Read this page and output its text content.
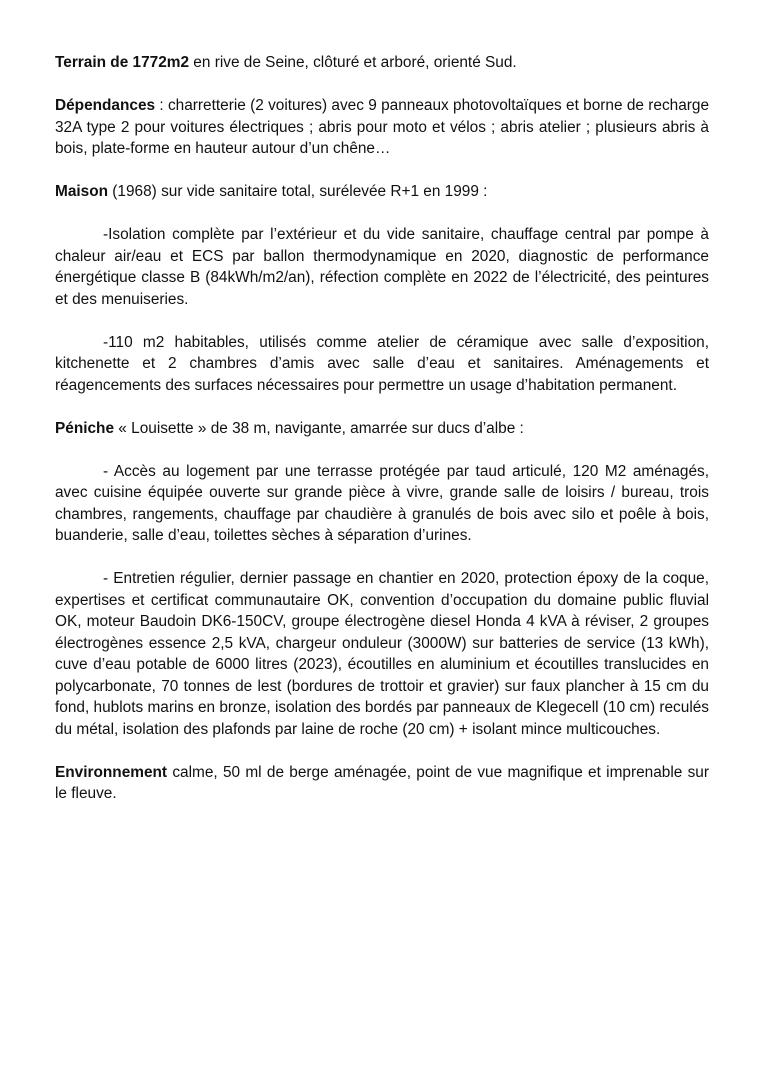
Terrain de 1772m2 en rive de Seine, clôturé et arboré, orienté Sud.

Dépendances : charretterie (2 voitures) avec 9 panneaux photovoltaïques et borne de recharge 32A type 2 pour voitures électriques ; abris pour moto et vélos ; abris atelier ; plusieurs abris à bois, plate-forme en hauteur autour d’un chêne…

Maison (1968) sur vide sanitaire total, surélevée R+1 en 1999 :

-Isolation complète par l’extérieur et du vide sanitaire, chauffage central par pompe à chaleur air/eau et ECS par ballon thermodynamique en 2020, diagnostic de performance énergétique classe B (84kWh/m2/an), réfection complète en 2022 de l’électricité, des peintures et des menuiseries.

-110 m2 habitables, utilisés comme atelier de céramique avec salle d’exposition, kitchenette et 2 chambres d’amis avec salle d’eau et sanitaires. Aménagements et réagencements des surfaces nécessaires pour permettre un usage d’habitation permanent.

Péniche « Louisette » de 38 m, navigante, amarrée sur ducs d’albe :

- Accès au logement par une terrasse protégée par taud articulé, 120 M2 aménagés, avec cuisine équipée ouverte sur grande pièce à vivre, grande salle de loisirs / bureau, trois chambres, rangements, chauffage par chaudière à granulés de bois avec silo et poêle à bois, buanderie, salle d’eau, toilettes sèches à séparation d’urines.

- Entretien régulier, dernier passage en chantier en 2020, protection époxy de la coque, expertises et certificat communautaire OK, convention d’occupation du domaine public fluvial OK, moteur Baudoin DK6-150CV, groupe électrogène diesel Honda 4 kVA à réviser, 2 groupes électrogènes essence 2,5 kVA, chargeur onduleur (3000W) sur batteries de service (13 kWh), cuve d’eau potable de 6000 litres (2023), écoutilles en aluminium et écoutilles translucides en polycarbonate, 70 tonnes de lest (bordures de trottoir et gravier) sur faux plancher à 15 cm du fond, hublots marins en bronze, isolation des bordés par panneaux de Klegecell (10 cm) reculés du métal, isolation des plafonds par laine de roche (20 cm) + isolant mince multicouches.

Environnement calme, 50 ml de berge aménagée, point de vue magnifique et imprenable sur le fleuve.
